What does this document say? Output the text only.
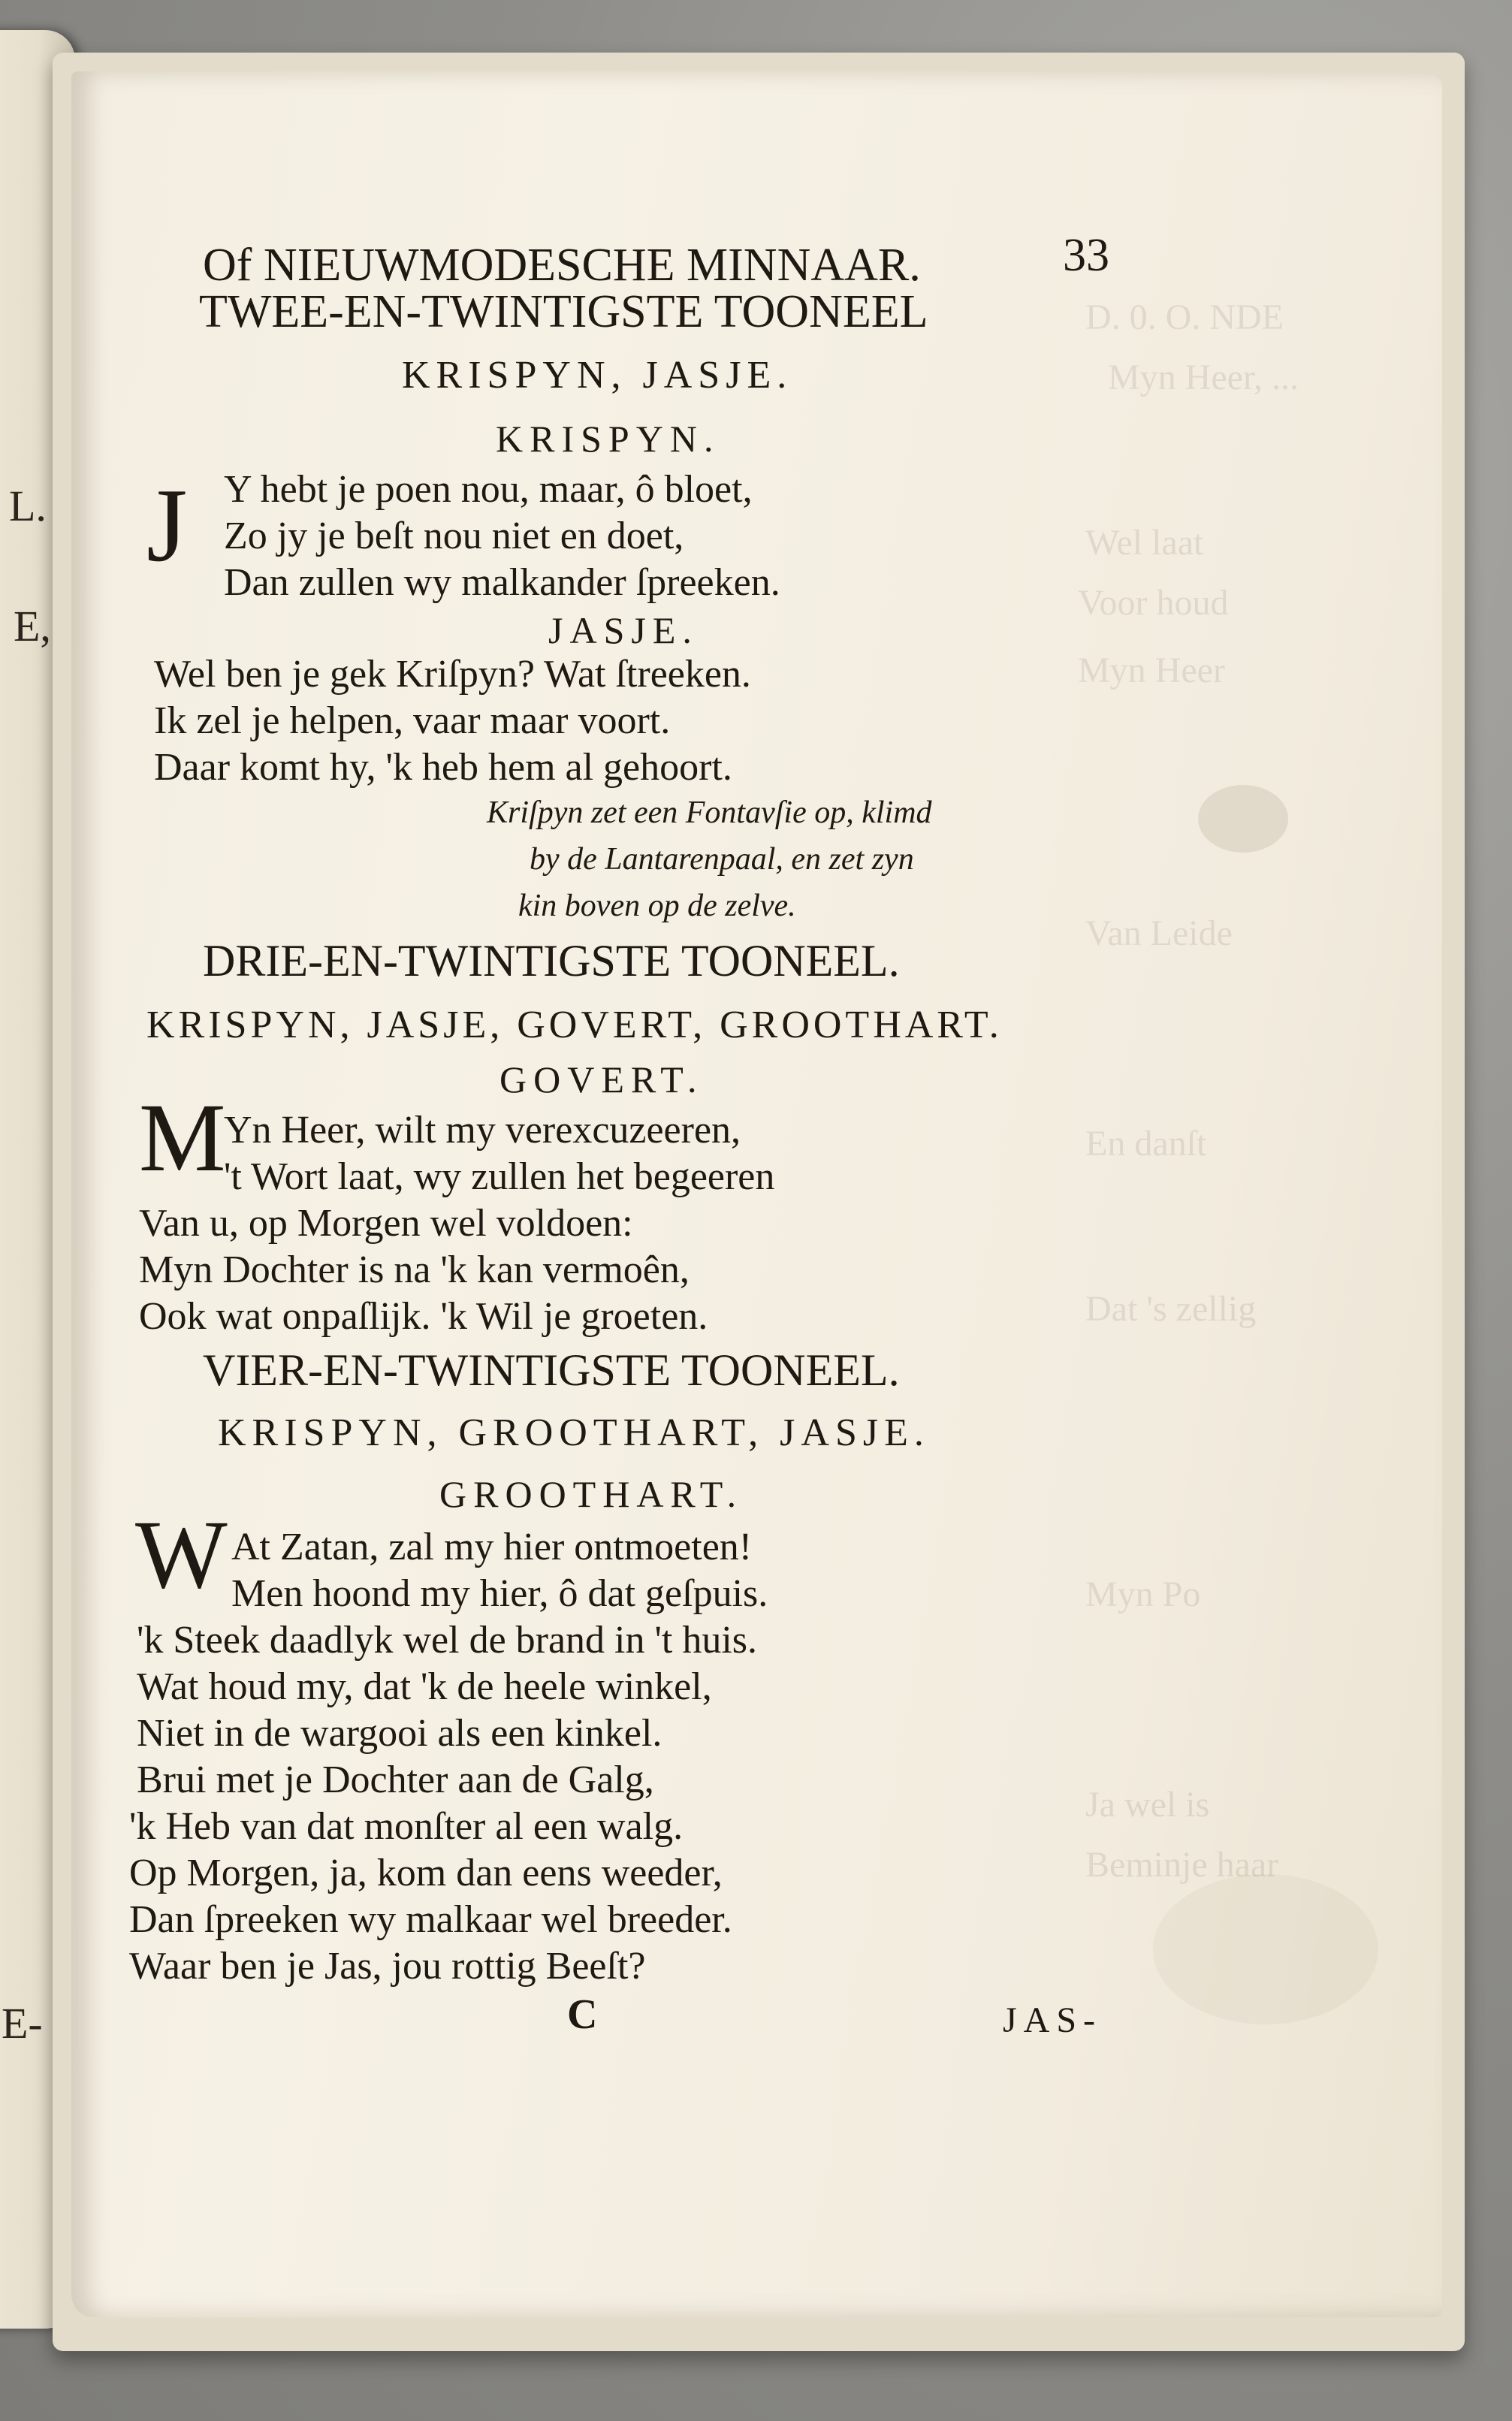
L.
E,
E-
D. 0. O. NDE
Myn Heer, ...
Wel laat
Voor houd
Myn Heer
Van Leide
En danſt
Dat 's zellig
Myn Po
Ja wel is
Beminje haar
Of NIEUWMODESCHE MINNAAR.	33
TWEE-EN-TWINTIGSTE TOONEEL
KRISPYN, JASJE.
KRISPYN.
J Y hebt je poen nou, maar, ô bloet,
Zo jy je beſt nou niet en doet,
Dan zullen wy malkander ſpreeken.
JASJE.
Wel ben je gek Kriſpyn? Wat ſtreeken.
Ik zel je helpen, vaar maar voort.
Daar komt hy, 'k heb hem al gehoort.
Kriſpyn zet een Fontavſie op, klimd
by de Lantarenpaal, en zet zyn
kin boven op de zelve.
DRIE-EN-TWINTIGSTE TOONEEL.
KRISPYN, JASJE, GOVERT, GROOTHART.
GOVERT.
M
Yn Heer, wilt my verexcuzeeren,
't Wort laat, wy zullen het begeeren
Van u, op Morgen wel voldoen:
Myn Dochter is na 'k kan vermoên,
Ook wat onpaſlijk. 'k Wil je groeten.
VIER-EN-TWINTIGSTE TOONEEL.
KRISPYN, GROOTHART, JASJE.
GROOTHART.
W At Zatan, zal my hier ontmoeten!
Men hoond my hier, ô dat geſpuis.
'k Steek daadlyk wel de brand in 't huis.
Wat houd my, dat 'k de heele winkel,
Niet in de wargooi als een kinkel.
Brui met je Dochter aan de Galg,
'k Heb van dat monſter al een walg.
Op Morgen, ja, kom dan eens weeder,
Dan ſpreeken wy malkaar wel breeder.
Waar ben je Jas, jou rottig Beeſt?
C	JAS-
